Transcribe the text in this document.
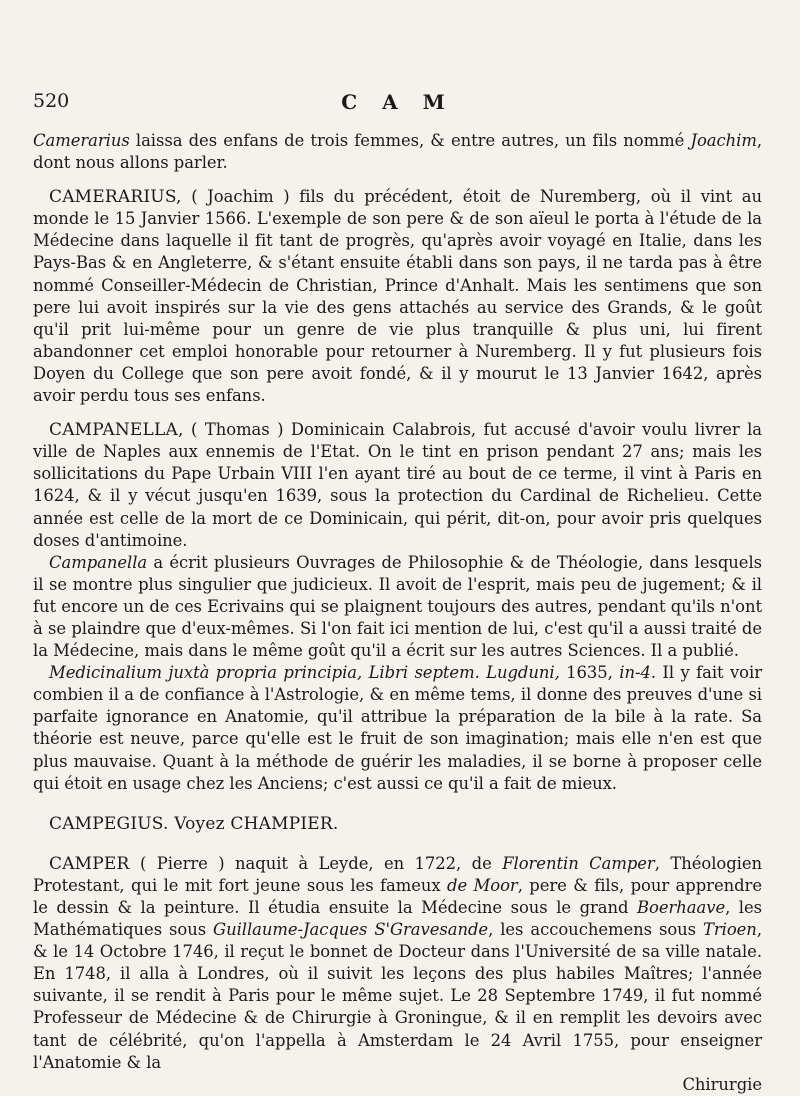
520	C A M

Camerarius laissa des enfans de trois femmes, & entre autres, un fils nommé Joachim, dont nous allons parler.

CAMERARIUS, ( Joachim ) fils du précédent, étoit de Nuremberg, où il vint au monde le 15 Janvier 1566. L'exemple de son pere & de son aïeul le porta à l'étude de la Médecine dans laquelle il fit tant de progrès, qu'après avoir voyagé en Italie, dans les Pays-Bas & en Angleterre, & s'étant ensuite établi dans son pays, il ne tarda pas à être nommé Conseiller-Médecin de Christian, Prince d'Anhalt. Mais les sentimens que son pere lui avoit inspirés sur la vie des gens attachés au service des Grands, & le goût qu'il prit lui-même pour un genre de vie plus tranquille & plus uni, lui firent abandonner cet emploi honorable pour retourner à Nuremberg. Il y fut plusieurs fois Doyen du College que son pere avoit fondé, & il y mourut le 13 Janvier 1642, après avoir perdu tous ses enfans.

CAMPANELLA, ( Thomas ) Dominicain Calabrois, fut accusé d'avoir voulu livrer la ville de Naples aux ennemis de l'Etat. On le tint en prison pendant 27 ans; mais les sollicitations du Pape Urbain VIII l'en ayant tiré au bout de ce terme, il vint à Paris en 1624, & il y vécut jusqu'en 1639, sous la protection du Cardinal de Richelieu. Cette année est celle de la mort de ce Dominicain, qui périt, dit-on, pour avoir pris quelques doses d'antimoine.

Campanella a écrit plusieurs Ouvrages de Philosophie & de Théologie, dans lesquels il se montre plus singulier que judicieux. Il avoit de l'esprit, mais peu de jugement; & il fut encore un de ces Ecrivains qui se plaignent toujours des autres, pendant qu'ils n'ont à se plaindre que d'eux-mêmes. Si l'on fait ici mention de lui, c'est qu'il a aussi traité de la Médecine, mais dans le même goût qu'il a écrit sur les autres Sciences. Il a publié.

Medicinalium juxtà propria principia, Libri septem. Lugduni, 1635, in-4. Il y fait voir combien il a de confiance à l'Astrologie, & en même tems, il donne des preuves d'une si parfaite ignorance en Anatomie, qu'il attribue la préparation de la bile à la rate. Sa théorie est neuve, parce qu'elle est le fruit de son imagination; mais elle n'en est que plus mauvaise. Quant à la méthode de guérir les maladies, il se borne à proposer celle qui étoit en usage chez les Anciens; c'est aussi ce qu'il a fait de mieux.

CAMPEGIUS. Voyez CHAMPIER.

CAMPER ( Pierre ) naquit à Leyde, en 1722, de Florentin Camper, Théologien Protestant, qui le mit fort jeune sous les fameux de Moor, pere & fils, pour apprendre le dessin & la peinture. Il étudia ensuite la Médecine sous le grand Boerhaave, les Mathématiques sous Guillaume-Jacques S'Gravesande, les accouchemens sous Trioen, & le 14 Octobre 1746, il reçut le bonnet de Docteur dans l'Université de sa ville natale. En 1748, il alla à Londres, où il suivit les leçons des plus habiles Maîtres; l'année suivante, il se rendit à Paris pour le même sujet. Le 28 Septembre 1749, il fut nommé Professeur de Médecine & de Chirurgie à Groningue, & il en remplit les devoirs avec tant de célébrité, qu'on l'appella à Amsterdam le 24 Avril 1755, pour enseigner l'Anatomie & la

Chirurgie
